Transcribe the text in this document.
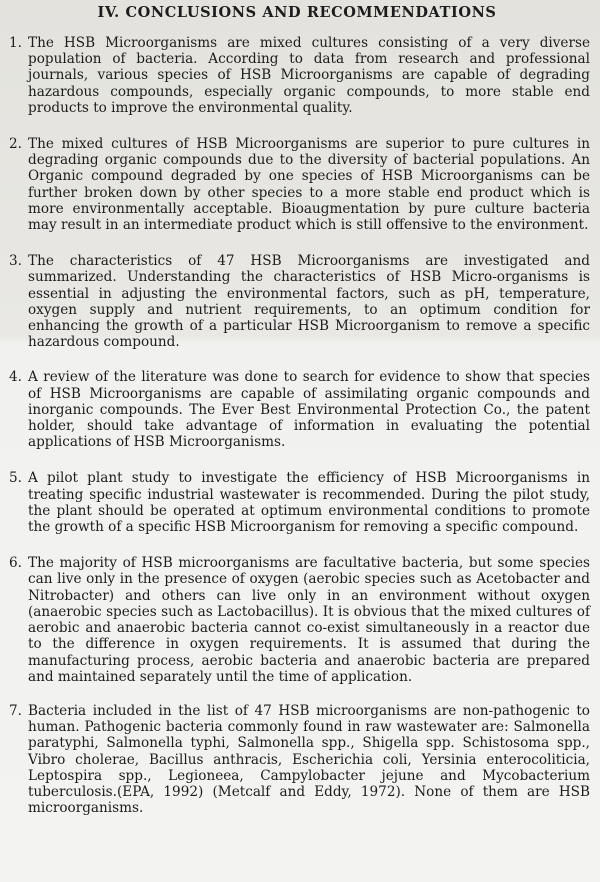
IV. CONCLUSIONS AND RECOMMENDATIONS
1. The HSB Microorganisms are mixed cultures consisting of a very diverse population of bacteria. According to data from research and professional journals, various species of HSB Microorganisms are capable of degrading hazardous compounds, especially organic compounds, to more stable end products to improve the environmental quality.
2. The mixed cultures of HSB Microorganisms are superior to pure cultures in degrading organic compounds due to the diversity of bacterial populations. An Organic compound degraded by one species of HSB Microorganisms can be further broken down by other species to a more stable end product which is more environmentally acceptable. Bioaugmentation by pure culture bacteria may result in an intermediate product which is still offensive to the environment.
3. The characteristics of 47 HSB Microorganisms are investigated and summarized. Understanding the characteristics of HSB Micro-organisms is essential in adjusting the environmental factors, such as pH, temperature, oxygen supply and nutrient requirements, to an optimum condition for enhancing the growth of a particular HSB Microorganism to remove a specific hazardous compound.
4. A review of the literature was done to search for evidence to show that species of HSB Microorganisms are capable of assimilating organic compounds and inorganic compounds. The Ever Best Environmental Protection Co., the patent holder, should take advantage of information in evaluating the potential applications of HSB Microorganisms.
5. A pilot plant study to investigate the efficiency of HSB Microorganisms in treating specific industrial wastewater is recommended. During the pilot study, the plant should be operated at optimum environmental conditions to promote the growth of a specific HSB Microorganism for removing a specific compound.
6. The majority of HSB microorganisms are facultative bacteria, but some species can live only in the presence of oxygen (aerobic species such as Acetobacter and Nitrobacter) and others can live only in an environment without oxygen (anaerobic species such as Lactobacillus). It is obvious that the mixed cultures of aerobic and anaerobic bacteria cannot co-exist simultaneously in a reactor due to the difference in oxygen requirements. It is assumed that during the manufacturing process, aerobic bacteria and anaerobic bacteria are prepared and maintained separately until the time of application.
7. Bacteria included in the list of 47 HSB microorganisms are non-pathogenic to human. Pathogenic bacteria commonly found in raw wastewater are: Salmonella paratyphi, Salmonella typhi, Salmonella spp., Shigella spp. Schistosoma spp., Vibro cholerae, Bacillus anthracis, Escherichia coli, Yersinia enterocoliticia, Leptospira spp., Legioneea, Campylobacter jejune and Mycobacterium tuberculosis.(EPA, 1992) (Metcalf and Eddy, 1972). None of them are HSB microorganisms.
